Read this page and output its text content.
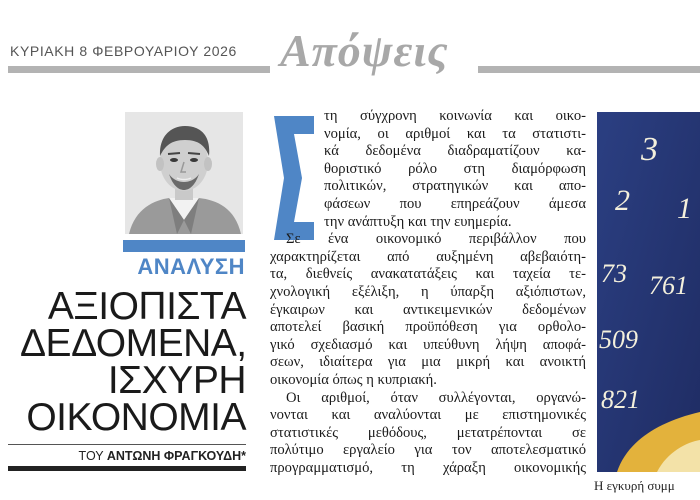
ΚΥΡΙΑΚΗ 8 ΦΕΒΡΟΥΑΡΙΟΥ 2026 Απόψεις
ΑΝΑΛΥΣΗ
ΑΞΙΟΠΙΣΤΑ
ΔΕΔΟΜΕΝΑ,
ΙΣΧΥΡΗ
ΟΙΚΟΝΟΜΙΑ
ΤΟΥ ΑΝΤΩΝΗ ΦΡΑΓΚΟΥΔΗ*
τη σύγχρονη κοινωνία και οικο-
νομία, οι αριθμοί και τα στατιστι-
κά δεδομένα διαδραματίζουν κα-
θοριστικό ρόλο στη διαμόρφωση
πολιτικών, στρατηγικών και απο-
φάσεων που επηρεάζουν άμεσα
την ανάπτυξη και την ευημερία.
Σε ένα οικονομικό περιβάλλον που
χαρακτηρίζεται από αυξημένη αβεβαιότη-
τα, διεθνείς ανακατατάξεις και ταχεία τε-
χνολογική εξέλιξη, η ύπαρξη αξιόπιστων,
έγκαιρων και αντικειμενικών δεδομένων
αποτελεί βασική προϋπόθεση για ορθολο-
γικό σχεδιασμό και υπεύθυνη λήψη αποφά-
σεων, ιδιαίτερα για μια μικρή και ανοικτή
οικονομία όπως η κυπριακή.
Οι αριθμοί, όταν συλλέγονται, οργανώ-
νονται και αναλύονται με επιστημονικές
στατιστικές μεθόδους, μετατρέπονται σε
πολύτιμο εργαλείο για τον αποτελεσματικό
προγραμματισμό, τη χάραξη οικονομικής
3
2 1
73 761
509
821
Η εγκυρή συμμ
